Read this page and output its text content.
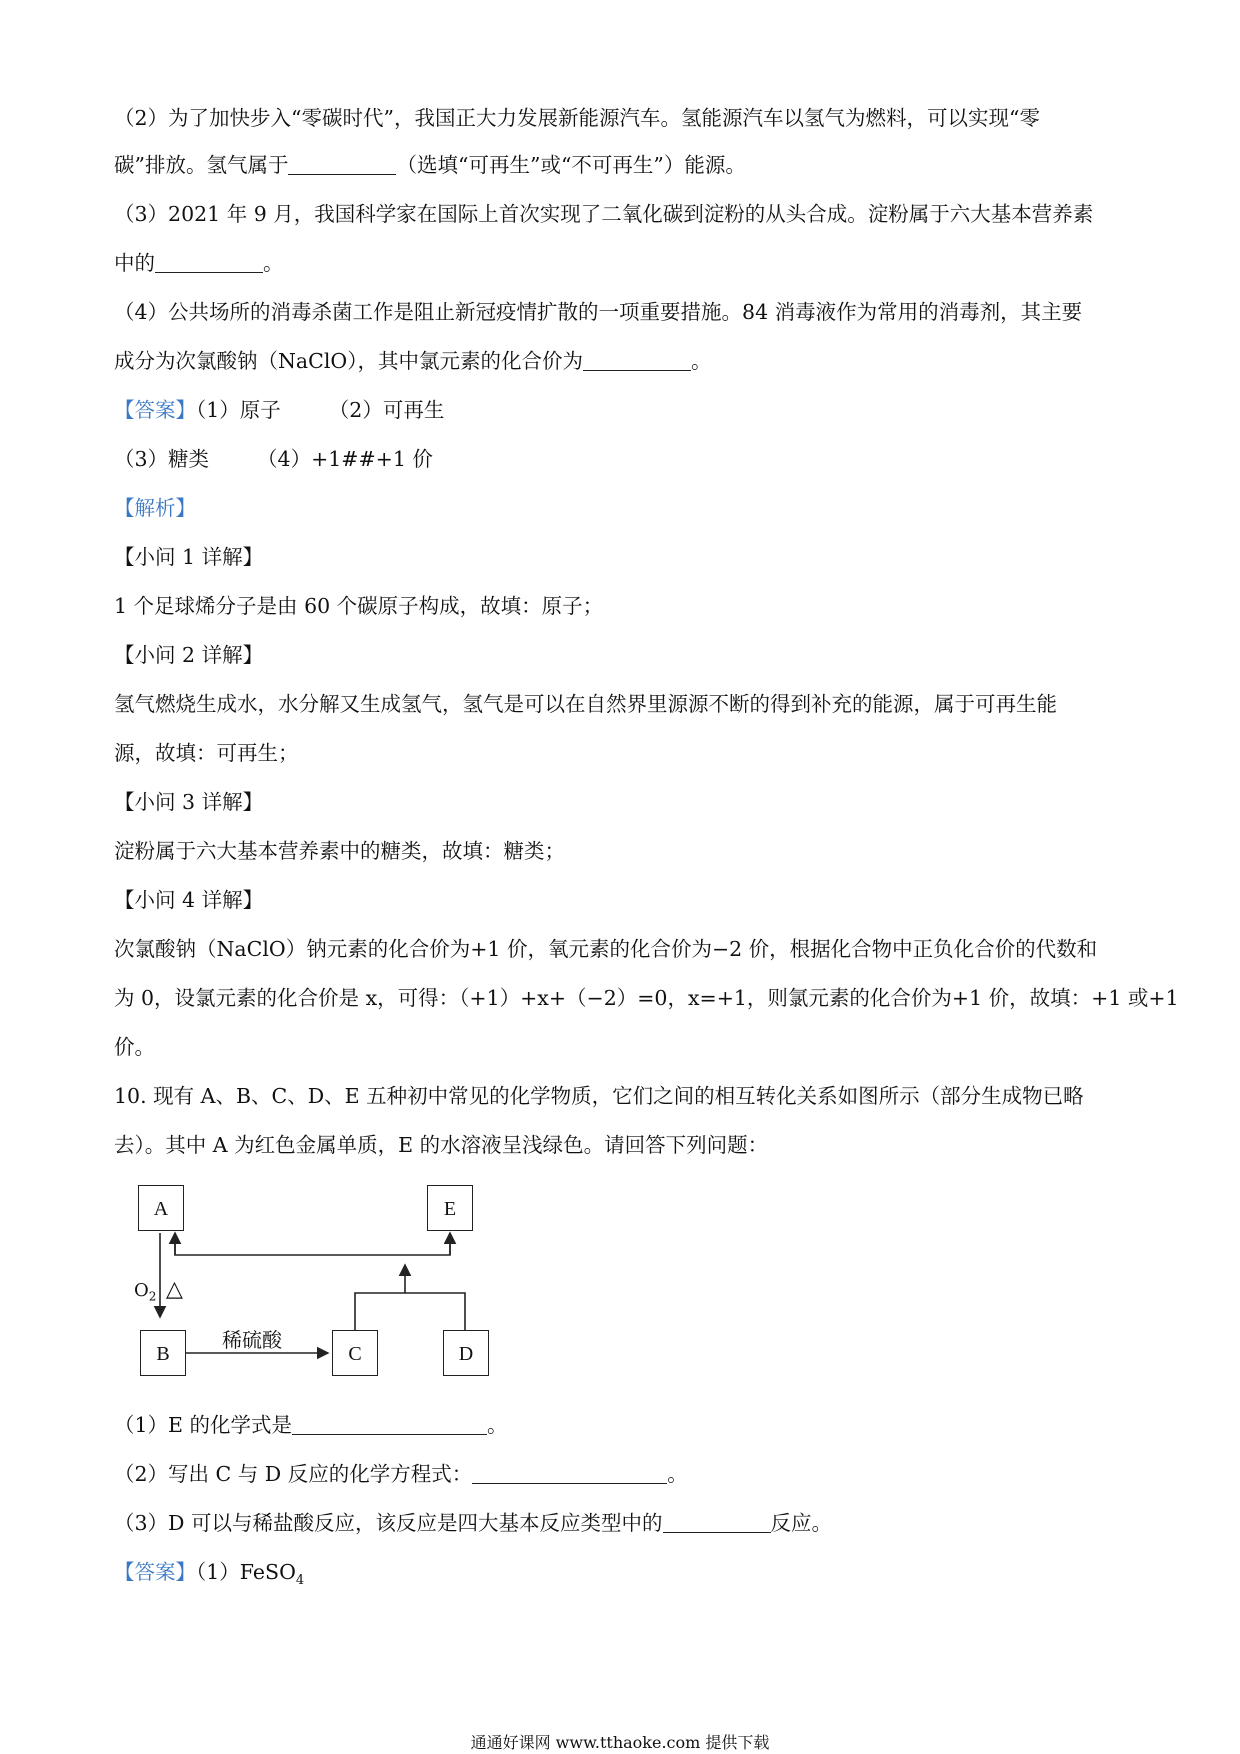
（2）为了加快步入“零碳时代”，我国正大力发展新能源汽车。氢能源汽车以氢气为燃料，可以实现“零
碳”排放。氢气属于	（选填“可再生”或“不可再生”）能源。
（3）2021 年 9 月，我国科学家在国际上首次实现了二氧化碳到淀粉的从头合成。淀粉属于六大基本营养素
中的	。
（4）公共场所的消毒杀菌工作是阻止新冠疫情扩散的一项重要措施。84 消毒液作为常用的消毒剂，其主要
成分为次氯酸钠（NaClO），其中氯元素的化合价为	。
【答案】（1）原子 （2）可再生
（3）糖类 （4）+1##+1 价
【解析】
【小问 1 详解】
1 个足球烯分子是由 60 个碳原子构成，故填：原子；
【小问 2 详解】
氢气燃烧生成水，水分解又生成氢气，氢气是可以在自然界里源源不断的得到补充的能源，属于可再生能
源，故填：可再生；
【小问 3 详解】
淀粉属于六大基本营养素中的糖类，故填：糖类；
【小问 4 详解】
次氯酸钠（NaClO）钠元素的化合价为+1 价，氧元素的化合价为−2 价，根据化合物中正负化合价的代数和
为 0，设氯元素的化合价是 x，可得：（+1）+x+（−2）=0，x=+1，则氯元素的化合价为+1 价，故填：+1 或+1
价。
10. 现有 A、B、C、D、E 五种初中常见的化学物质，它们之间的相互转化关系如图所示（部分生成物已略
去）。其中 A 为红色金属单质，E 的水溶液呈浅绿色。请回答下列问题：
A	E
B	C	D
$O_2$ △
稀硫酸
（1）E 的化学式是	。
（2）写出 C 与 D 反应的化学方程式：	。
（3）D 可以与稀盐酸反应，该反应是四大基本反应类型中的	反应。
【答案】（1）FeSO$_4$
通通好课网 www.tthaoke.com 提供下载
